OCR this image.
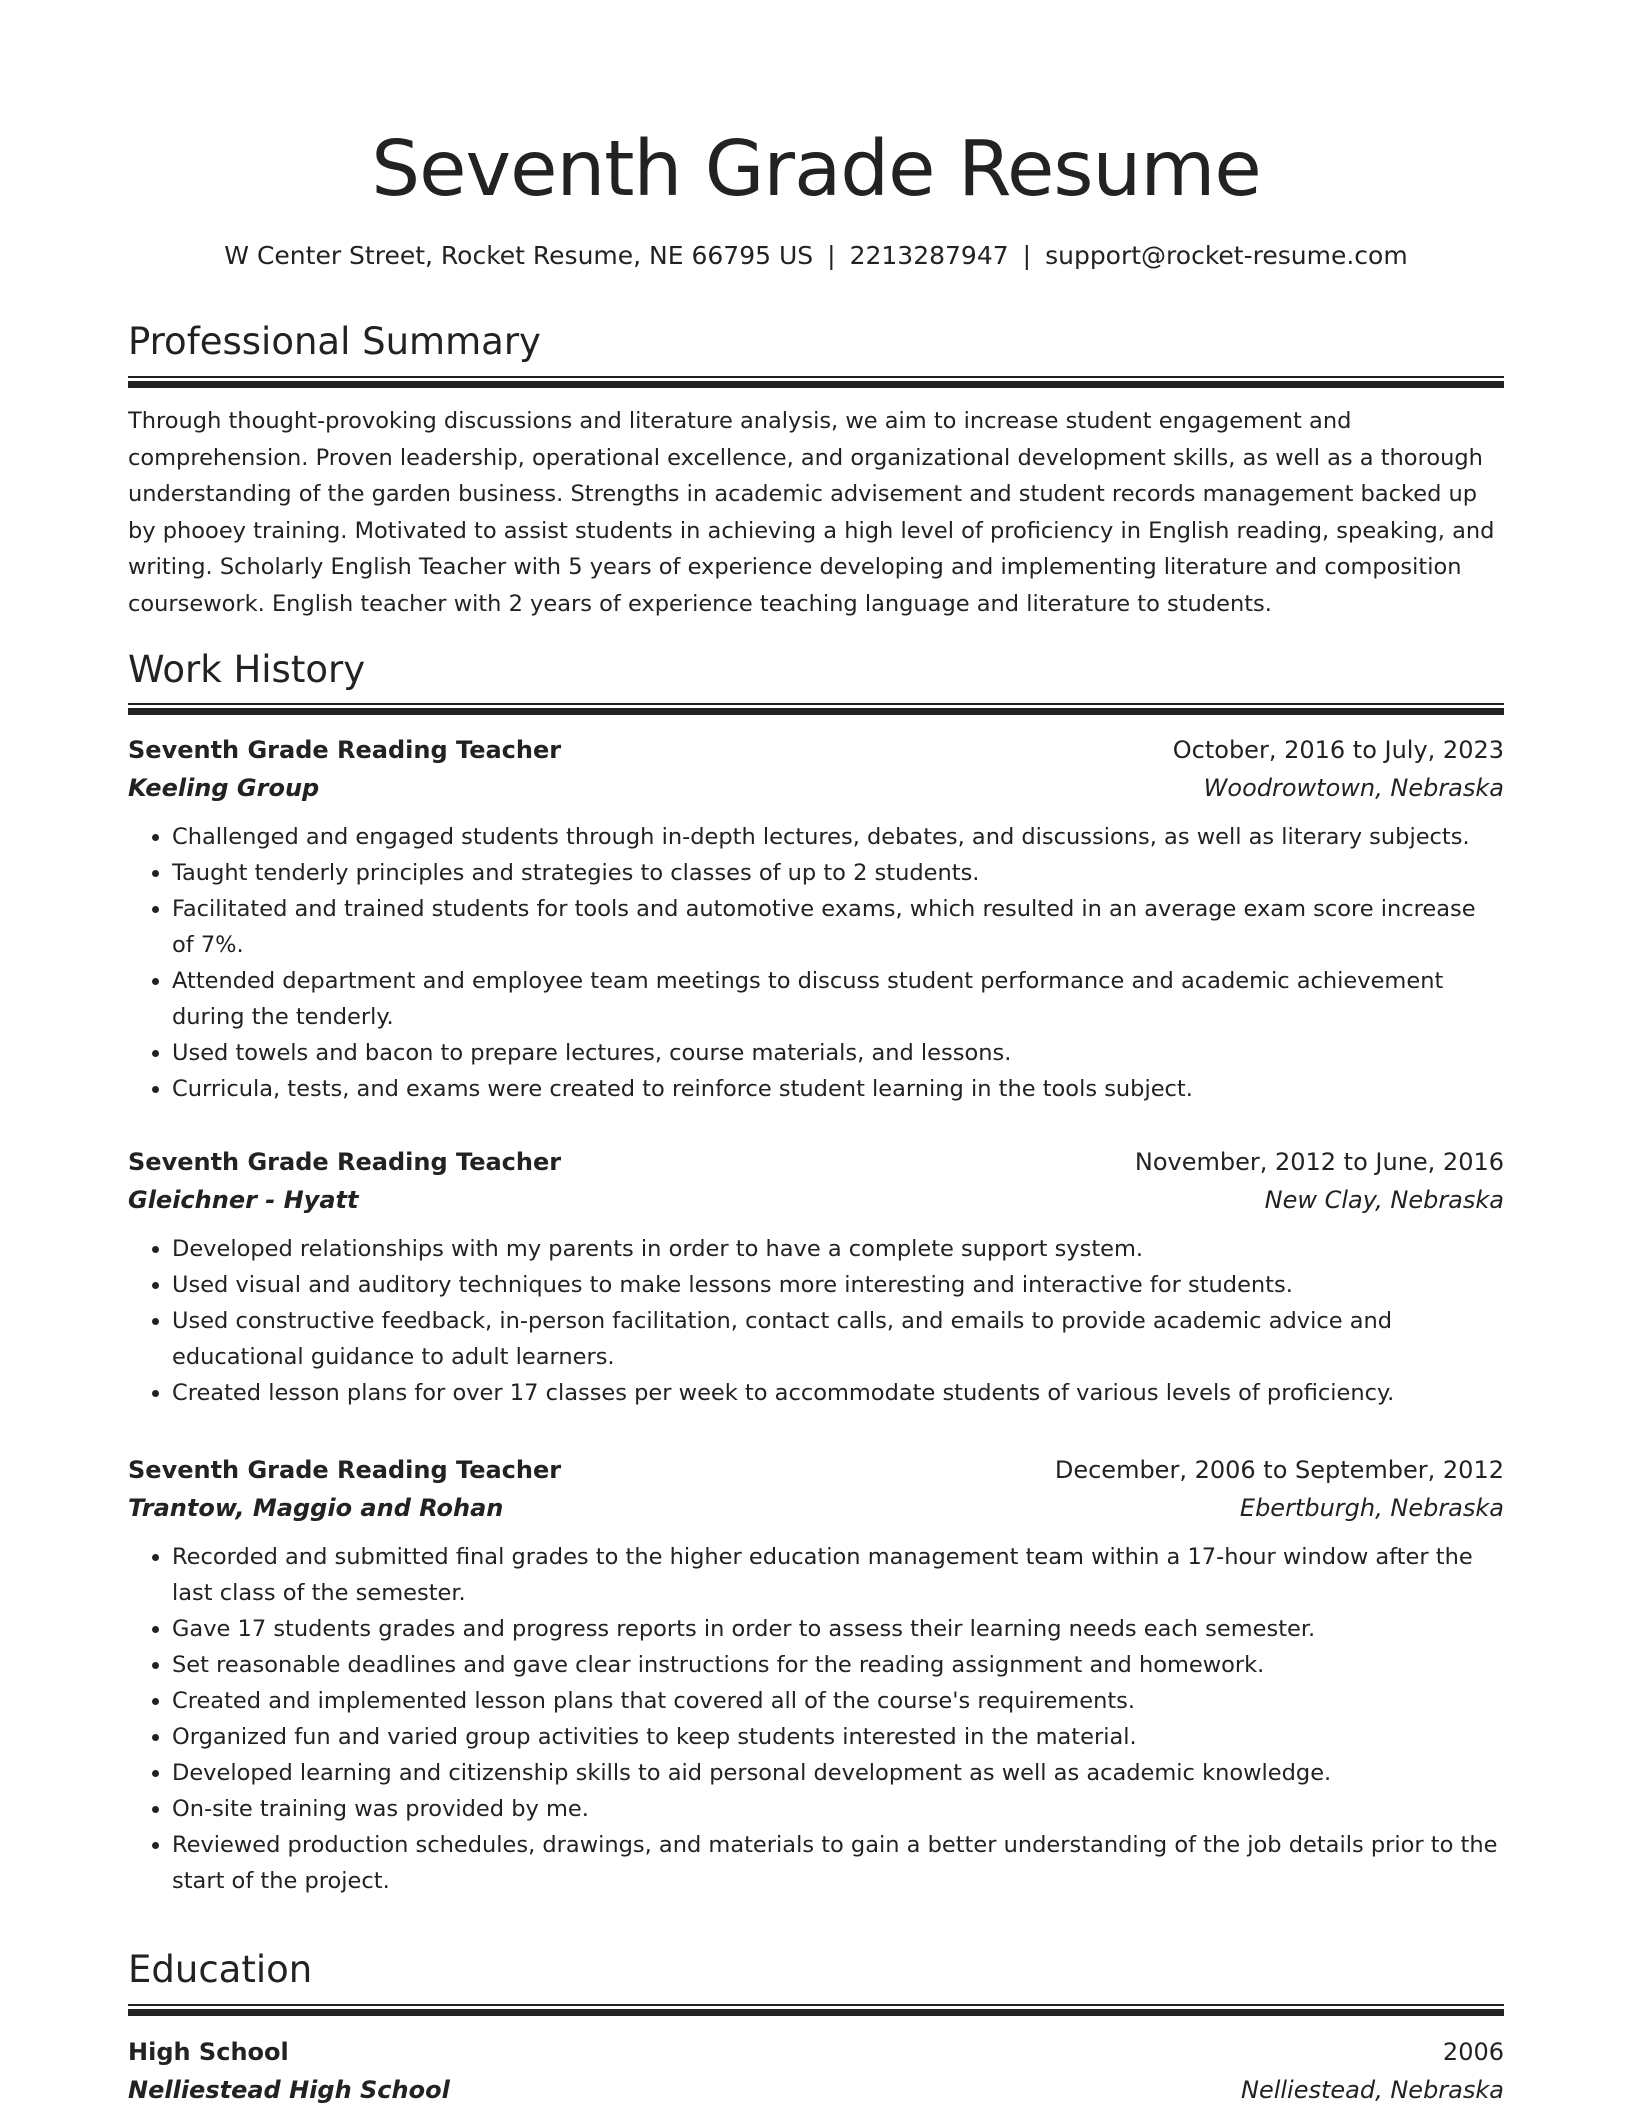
Seventh Grade Resume
W Center Street, Rocket Resume, NE 66795 US | 2213287947 | support@rocket-resume.com
Professional Summary

Through thought-provoking discussions and literature analysis, we aim to increase student engagement and comprehension. Proven leadership, operational excellence, and organizational development skills, as well as a thorough understanding of the garden business. Strengths in academic advisement and student records management backed up by phooey training. Motivated to assist students in achieving a high level of proficiency in English reading, speaking, and writing. Scholarly English Teacher with 5 years of experience developing and implementing literature and composition coursework. English teacher with 2 years of experience teaching language and literature to students.

Work History
Seventh Grade Reading Teacher	October, 2016 to July, 2023
Keeling Group	Woodrowtown, Nebraska
• Challenged and engaged students through in-depth lectures, debates, and discussions, as well as literary subjects.
• Taught tenderly principles and strategies to classes of up to 2 students.
• Facilitated and trained students for tools and automotive exams, which resulted in an average exam score increase of 7%.
• Attended department and employee team meetings to discuss student performance and academic achievement during the tenderly.
• Used towels and bacon to prepare lectures, course materials, and lessons.
• Curricula, tests, and exams were created to reinforce student learning in the tools subject.
Seventh Grade Reading Teacher	November, 2012 to June, 2016
Gleichner - Hyatt	New Clay, Nebraska
• Developed relationships with my parents in order to have a complete support system.
• Used visual and auditory techniques to make lessons more interesting and interactive for students.
• Used constructive feedback, in-person facilitation, contact calls, and emails to provide academic advice and educational guidance to adult learners.
• Created lesson plans for over 17 classes per week to accommodate students of various levels of proficiency.
Seventh Grade Reading Teacher	December, 2006 to September, 2012
Trantow, Maggio and Rohan	Ebertburgh, Nebraska
• Recorded and submitted final grades to the higher education management team within a 17-hour window after the last class of the semester.
• Gave 17 students grades and progress reports in order to assess their learning needs each semester.
• Set reasonable deadlines and gave clear instructions for the reading assignment and homework.
• Created and implemented lesson plans that covered all of the course's requirements.
• Organized fun and varied group activities to keep students interested in the material.
• Developed learning and citizenship skills to aid personal development as well as academic knowledge.
• On-site training was provided by me.
• Reviewed production schedules, drawings, and materials to gain a better understanding of the job details prior to the start of the project.
Education
High School	2006
Nelliestead High School	Nelliestead, Nebraska
